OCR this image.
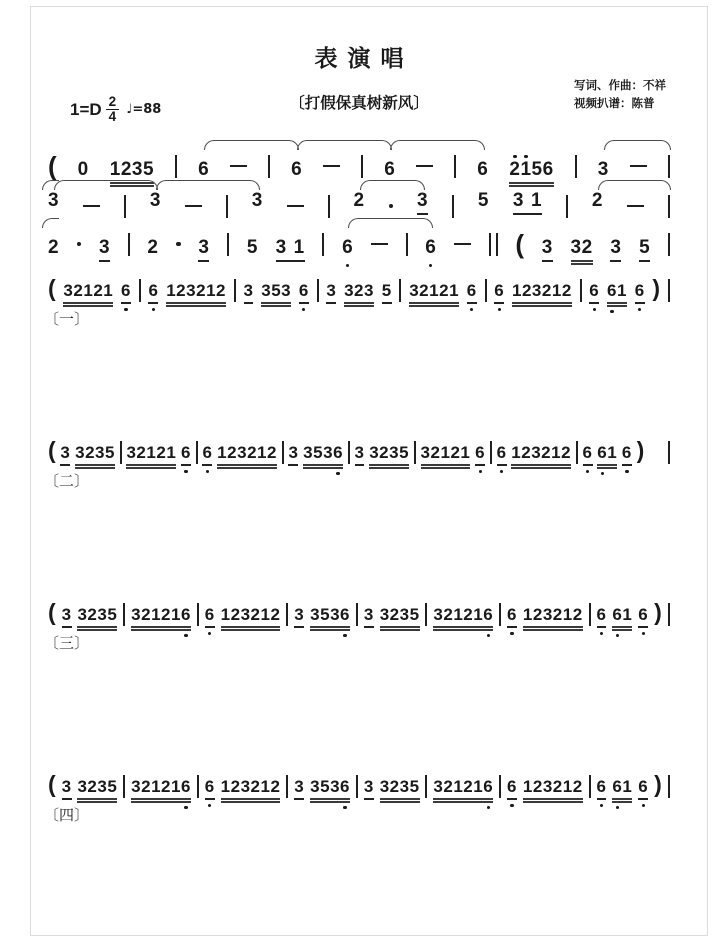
表演唱
$1=D \frac{2}{4}$ ♩=88	〔打假保真树新风〕
写词、作曲：不祥
视频扒谱：陈普
( 0 1 2 3 5 6	6	6	6 2 1 5 6 3
3	3	3	2	3	5 3 1	2
2 3 2 3 5 3 1 6	6	( 3 3 2 3 5
( 3 2 1 2 1 6 6 1 2 3 2 1 2 3 3 5 3 6 3 3 2 3 5 3 2 1 2 1 6 6 1 2 3 2 1 2 6 6 1 6 )
〔一〕
( 3 3 2 3 5 3 2 1 2 1 6 6 1 2 3 2 1 2 3 3 5 3 6 3 3 2 3 5 3 2 1 2 1 6 6 1 2 3 2 1 2 6 6 1 6 )
〔二〕
( 3 3 2 3 5 3 2 1 2 1 6 6 1 2 3 2 1 2 3 3 5 3 6 3 3 2 3 5 3 2 1 2 1 6 6 1 2 3 2 1 2 6 6 1 6 )
〔三〕
( 3 3 2 3 5 3 2 1 2 1 6 6 1 2 3 2 1 2 3 3 5 3 6 3 3 2 3 5 3 2 1 2 1 6 6 1 2 3 2 1 2 6 6 1 6 )
〔四〕
